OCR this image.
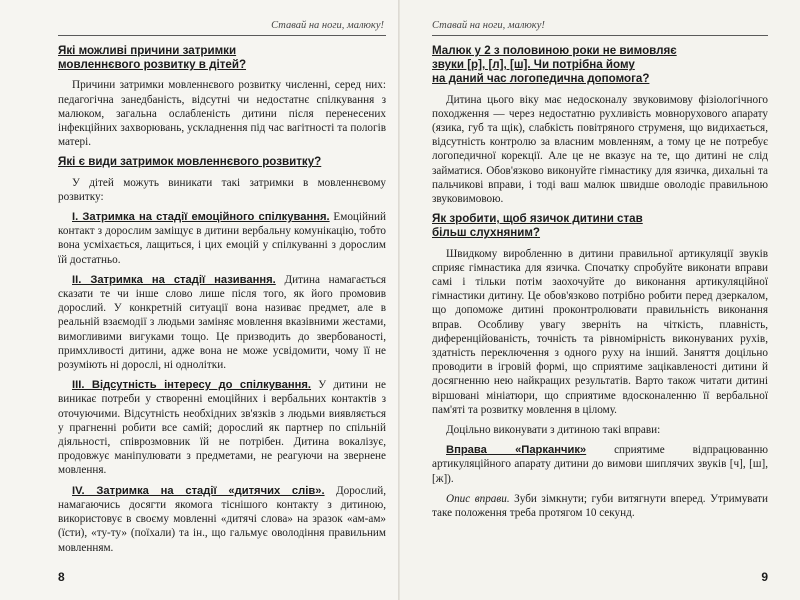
Ставай на ноги, малюку!
Які можливі причини затримки
мовленнєвого розвитку в дітей?
Причини затримки мовленнєвого розвитку численні, серед них: педагогічна занедбаність, відсутні чи недостатнє спілкування з малюком, загальна ослабленість дитини після перенесених інфекційних захворювань, ускладнення під час вагітності та пологів матері.
Які є види затримок мовленнєвого розвитку?
У дітей можуть виникати такі затримки в мовленнєвому розвитку:
І. Затримка на стадії емоційного спілкування. Емоційний контакт з дорослим заміщує в дитини вербальну комунікацію, тобто вона усміхається, лащиться, і цих емоцій у спілкуванні з дорослим їй достатньо.
ІІ. Затримка на стадії називання. Дитина намагається сказати те чи інше слово лише після того, як його промовив дорослий. У конкретній ситуації вона називає предмет, але в реальній взаємодії з людьми заміняє мовлення вказівними жестами, вимогливими вигуками тощо. Це призводить до звербованості, примхливості дитини, адже вона не може усвідомити, чому її не розуміють ні дорослі, ні однолітки.
ІІІ. Відсутність інтересу до спілкування. У дитини не виникає потреби у створенні емоційних і вербальних контактів з оточуючими. Відсутність необхідних зв'язків з людьми виявляється у прагненні робити все самій; дорослий як партнер по спільній діяльності, співрозмовник їй не потрібен. Дитина вокалізує, продовжує маніпулювати з предметами, не реагуючи на звернене мовлення.
IV. Затримка на стадії «дитячих слів». Дорослий, намагаючись досягти якомога тіснішого контакту з дитиною, використовує в своєму мовленні «дитячі слова» на зразок «ам-ам» (їсти), «ту-ту» (поїхали) та ін., що гальмує оволодіння правильним мовленням.
8
Ставай на ноги, малюку!
Малюк у 2 з половиною роки не вимовляє
звуки [р], [л], [ш]. Чи потрібна йому
на даний час логопедична допомога?
Дитина цього віку має недосконалу звуковимову фізіологічного походження — через недостатню рухливість мовнорухового апарату (язика, губ та щік), слабкість повітряного струменя, що видихається, відсутність контролю за власним мовленням, а тому це не потребує логопедичної корекції. Але це не вказує на те, що дитині не слід займатися. Обов'язково виконуйте гімнастику для язичка, дихальні та пальчикові вправи, і тоді ваш малюк швидше оволодіє правильною звуковимовою.
Як зробити, щоб язичок дитини став
більш слухняним?
Швидкому виробленню в дитини правильної артикуляції звуків сприяє гімнастика для язичка. Спочатку спробуйте виконати вправи самі і тільки потім заохочуйте до виконання артикуляційної гімнастики дитину. Це обов'язково потрібно робити перед дзеркалом, що допоможе дитині проконтролювати правильність виконання вправ. Особливу увагу зверніть на чіткість, плавність, диференційованість, точність та рівномірність виконуваних рухів, здатність переключення з одного руху на інший. Заняття доцільно проводити в ігровій формі, що сприятиме зацікавленості дитини й досягненню нею найкращих результатів. Варто також читати дитині віршовані мініатюри, що сприятиме вдосконаленню її вербальної пам'яті та розвитку мовлення в цілому.
Доцільно виконувати з дитиною такі вправи:
Вправа «Парканчик» сприятиме відпрацюванню артикуляційного апарату дитини до вимови шиплячих звуків [ч], [ш], [ж]).
Опис вправи. Зуби зімкнути; губи витягнути вперед. Утримувати таке положення треба протягом 10 секунд.
9
